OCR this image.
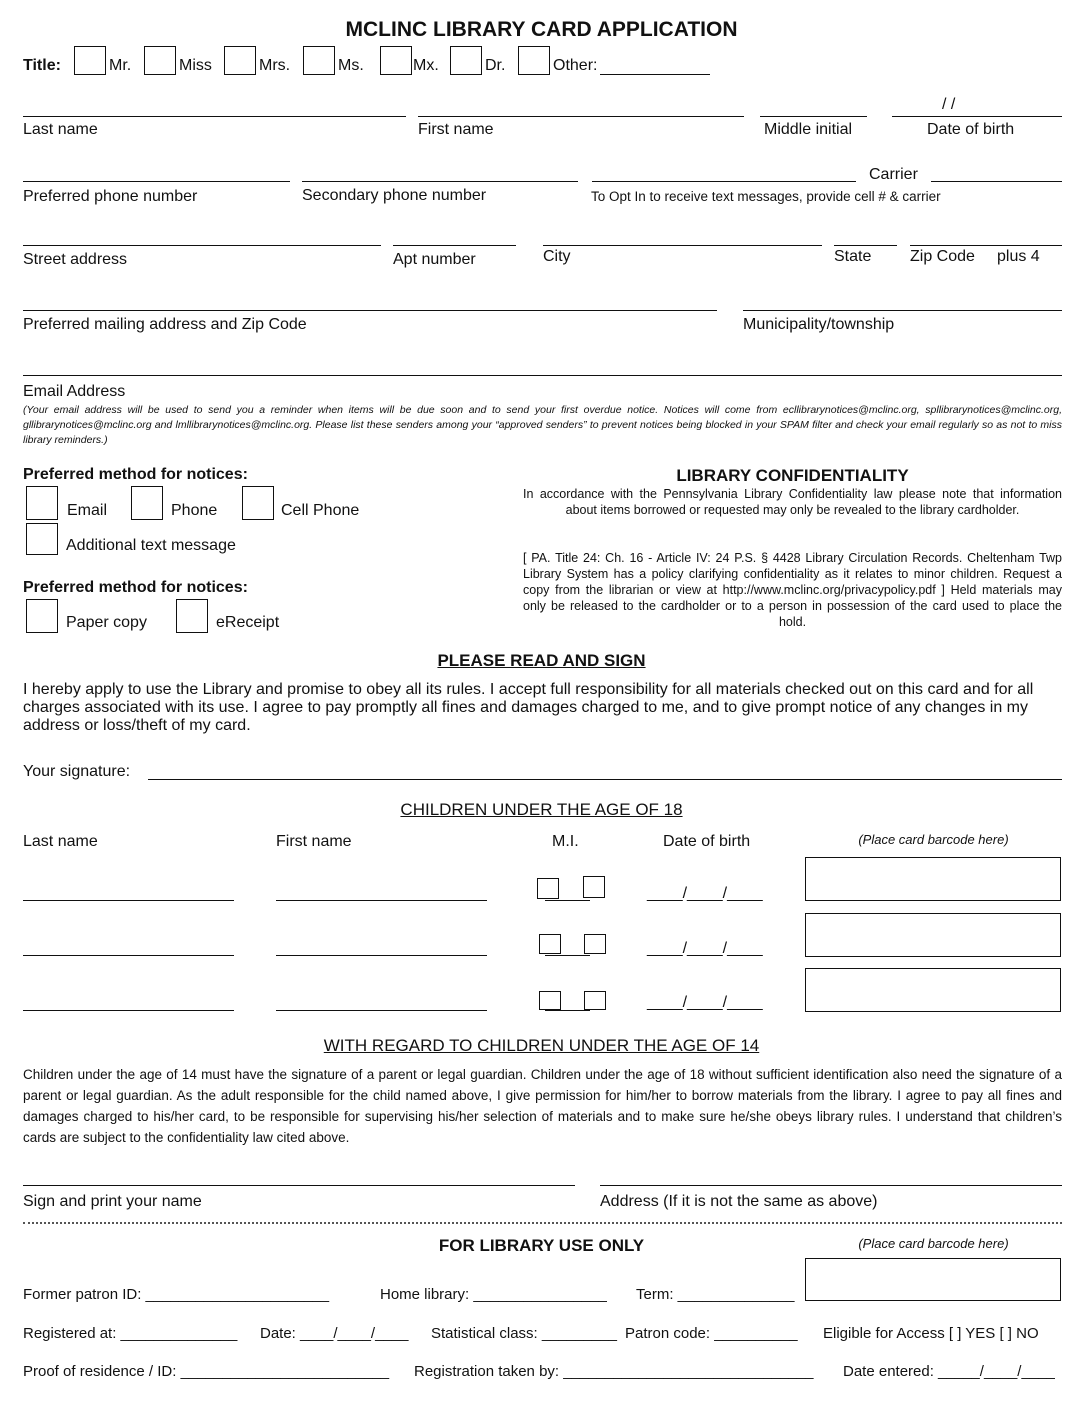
MCLINC LIBRARY CARD APPLICATION
Title:	Mr.	Miss	Mrs.	Ms.	Mx.	Dr.	Other:
/ /
Last name	First name	Middle initial	Date of birth
Carrier
Preferred phone number	Secondary phone number	To Opt In to receive text messages, provide cell # & carrier
Street address	Apt number	City	State Zip Code plus 4
Preferred mailing address and Zip Code	Municipality/township
Email Address
(Your email address will be used to send you a reminder when items will be due soon and to send your first overdue notice. Notices will come from ecllibrarynotices@mclinc.org, spllibrarynotices@mclinc.org, gllibrarynotices@mclinc.org and lmllibrarynotices@mclinc.org. Please list these senders among your “approved senders” to prevent notices being blocked in your SPAM filter and check your email regularly so as not to miss library reminders.)
Preferred method for notices:
Email	Phone	Cell Phone
Additional text message
Preferred method for notices:
Paper copy	eReceipt
LIBRARY CONFIDENTIALITY
In accordance with the Pennsylvania Library Confidentiality law please note that information about items borrowed or requested may only be revealed to the library cardholder.
[ PA. Title 24: Ch. 16 - Article IV: 24 P.S. § 4428 Library Circulation Records. Cheltenham Twp Library System has a policy clarifying confidentiality as it relates to minor children. Request a copy from the librarian or view at http://www.mclinc.org/privacypolicy.pdf ] Held materials may only be released to the cardholder or to a person in possession of the card used to place the hold.
PLEASE READ AND SIGN
I hereby apply to use the Library and promise to obey all its rules. I accept full responsibility for all materials checked out on this card and for all charges associated with its use. I agree to pay promptly all fines and damages charged to me, and to give prompt notice of any changes in my address or loss/theft of my card.
Your signature:
CHILDREN UNDER THE AGE OF 18
Last name	First name	M.I.	Date of birth	(Place card barcode here)
____/____/____
____/____/____
____/____/____
WITH REGARD TO CHILDREN UNDER THE AGE OF 14
Children under the age of 14 must have the signature of a parent or legal guardian. Children under the age of 18 without sufficient identification also need the signature of a parent or legal guardian. As the adult responsible for the child named above, I give permission for him/her to borrow materials from the library. I agree to pay all fines and damages charged to his/her card, to be responsible for supervising his/her selection of materials and to make sure he/she obeys library rules. I understand that children’s cards are subject to the confidentiality law cited above.
Sign and print your name	Address (If it is not the same as above)
FOR LIBRARY USE ONLY	(Place card barcode here)
Former patron ID: ______________________	Home library: ________________ Term: ______________
Registered at: ______________ Date: ____/____/____ Statistical class: _________ Patron code: __________ Eligible for Access [ ] YES [ ] NO
Proof of residence / ID: _________________________ Registration taken by: ______________________________ Date entered: _____/____/____
